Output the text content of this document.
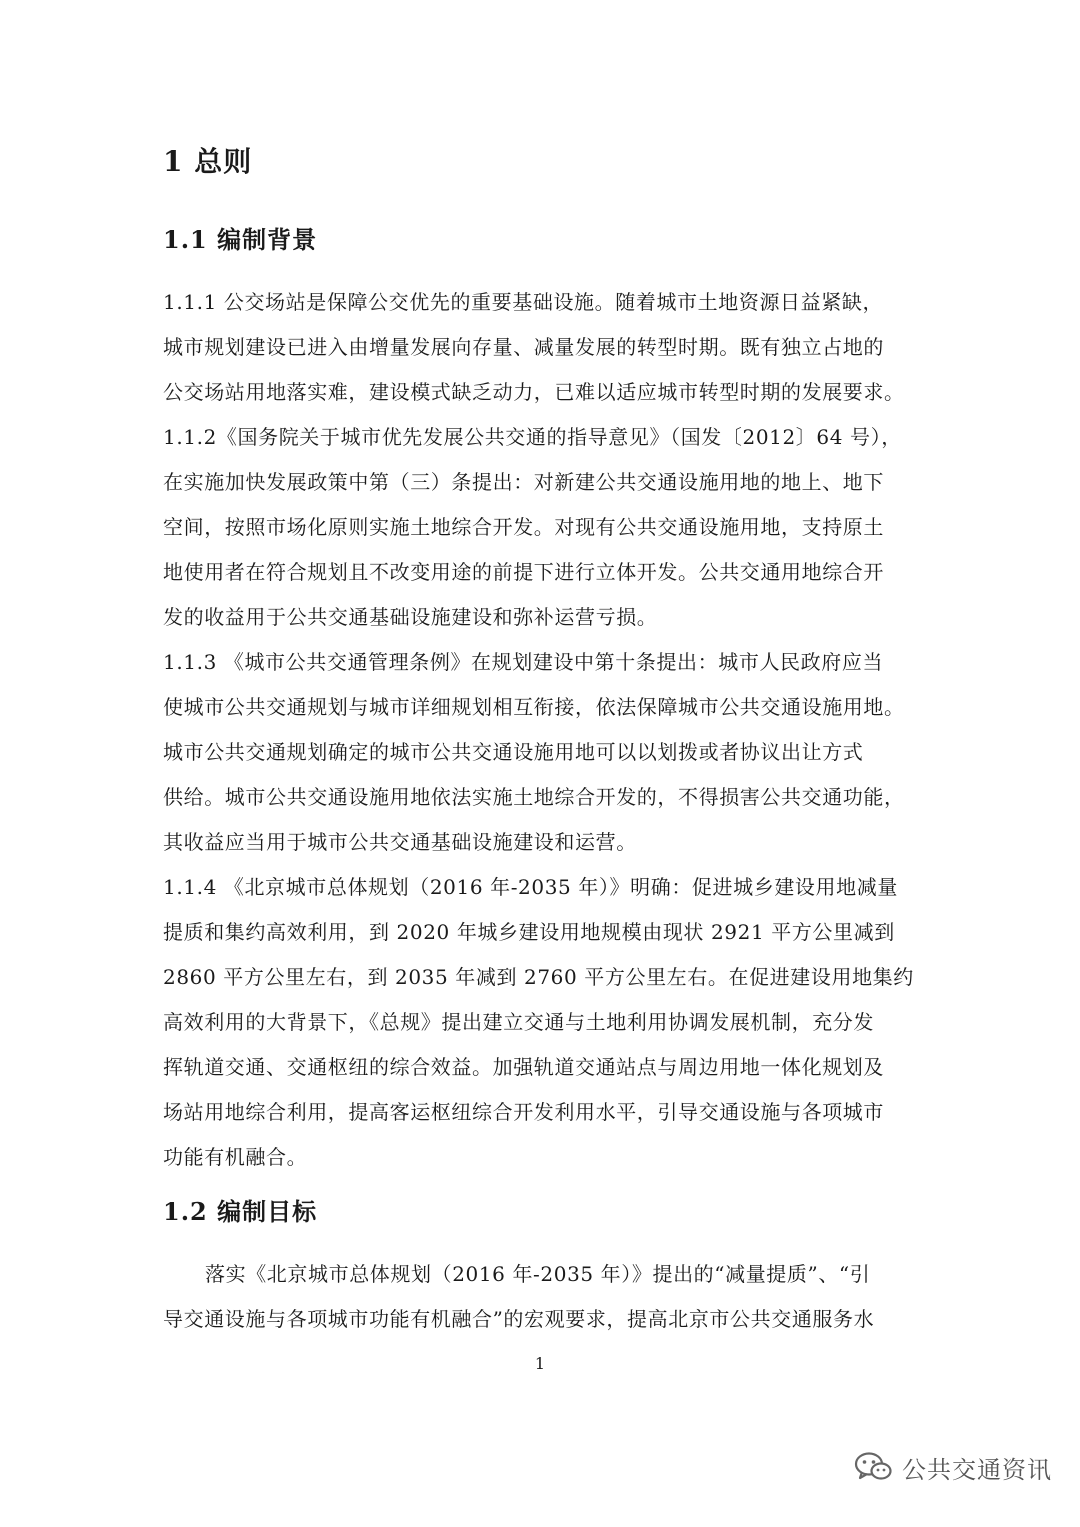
1 总则
1.1 编制背景
1.1.1 公交场站是保障公交优先的重要基础设施。随着城市土地资源日益紧缺，
城市规划建设已进入由增量发展向存量、减量发展的转型时期。既有独立占地的
公交场站用地落实难，建设模式缺乏动力，已难以适应城市转型时期的发展要求。
1.1.2《国务院关于城市优先发展公共交通的指导意见》（国发〔2012〕64 号），
在实施加快发展政策中第（三）条提出：对新建公共交通设施用地的地上、地下
空间，按照市场化原则实施土地综合开发。对现有公共交通设施用地，支持原土
地使用者在符合规划且不改变用途的前提下进行立体开发。公共交通用地综合开
发的收益用于公共交通基础设施建设和弥补运营亏损。
1.1.3 《城市公共交通管理条例》在规划建设中第十条提出：城市人民政府应当
使城市公共交通规划与城市详细规划相互衔接，依法保障城市公共交通设施用地。
城市公共交通规划确定的城市公共交通设施用地可以以划拨或者协议出让方式
供给。城市公共交通设施用地依法实施土地综合开发的，不得损害公共交通功能，
其收益应当用于城市公共交通基础设施建设和运营。
1.1.4 《北京城市总体规划（2016 年-2035 年）》明确：促进城乡建设用地减量
提质和集约高效利用，到 2020 年城乡建设用地规模由现状 2921 平方公里减到
2860 平方公里左右，到 2035 年减到 2760 平方公里左右。在促进建设用地集约
高效利用的大背景下，《总规》提出建立交通与土地利用协调发展机制，充分发
挥轨道交通、交通枢纽的综合效益。加强轨道交通站点与周边用地一体化规划及
场站用地综合利用，提高客运枢纽综合开发利用水平，引导交通设施与各项城市
功能有机融合。
1.2 编制目标
落实《北京城市总体规划（2016 年-2035 年）》提出的“减量提质”、“引
导交通设施与各项城市功能有机融合”的宏观要求，提高北京市公共交通服务水
1
公共交通资讯
